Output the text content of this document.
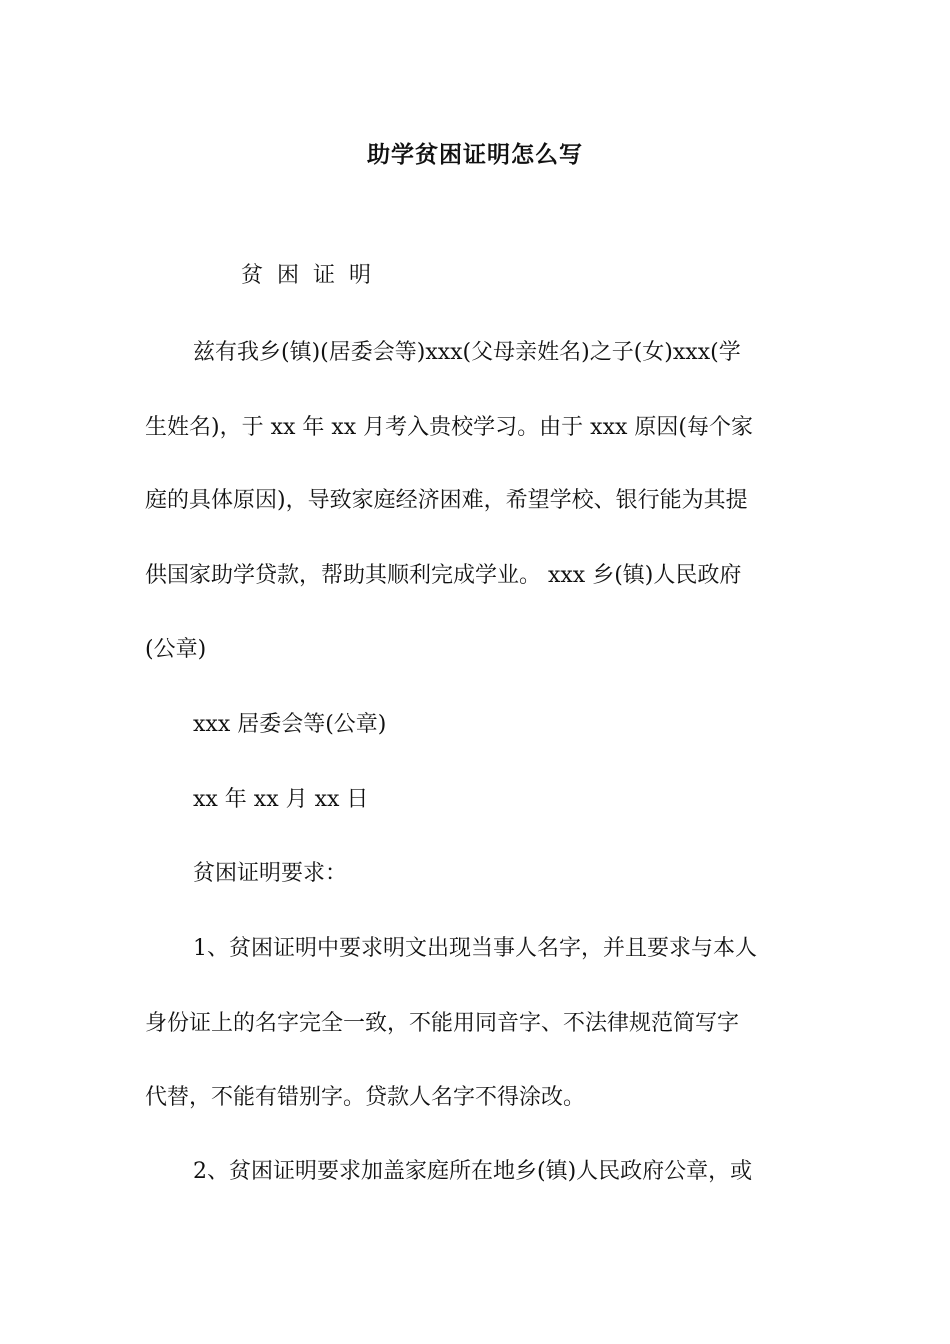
助学贫困证明怎么写
贫困证明
兹有我乡(镇)(居委会等)xxx(父母亲姓名)之子(女)xxx(学
生姓名)，于 xx 年 xx 月考入贵校学习。由于 xxx 原因(每个家
庭的具体原因)，导致家庭经济困难，希望学校、银行能为其提
供国家助学贷款，帮助其顺利完成学业。 xxx 乡(镇)人民政府
(公章)
xxx 居委会等(公章)
xx 年 xx 月 xx 日
贫困证明要求：
1、贫困证明中要求明文出现当事人名字，并且要求与本人
身份证上的名字完全一致，不能用同音字、不法律规范简写字
代替，不能有错别字。贷款人名字不得涂改。
2、贫困证明要求加盖家庭所在地乡(镇)人民政府公章，或
